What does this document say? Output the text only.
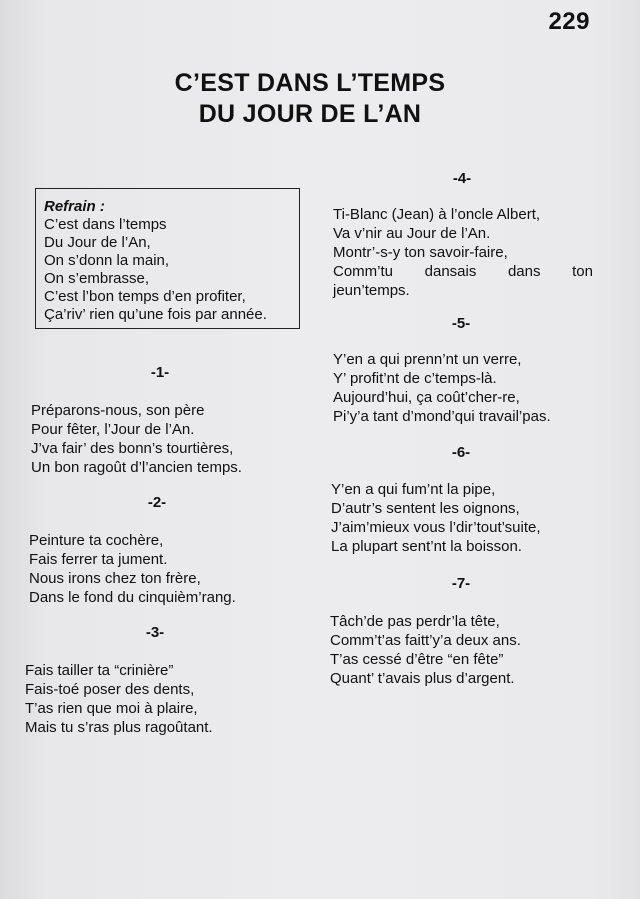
229
C’EST DANS L’TEMPS
DU JOUR DE L’AN
Refrain :
C’est dans l’temps
Du Jour de l’An,
On s’donn la main,
On s’embrasse,
C’est l’bon temps d’en profiter,
Ça’riv’ rien qu’une fois par année.
-1-
Préparons-nous, son père
Pour fêter, l’Jour de l’An.
J’va fair’ des bonn’s tourtières,
Un bon ragoût d’l’ancien temps.
-2-
Peinture ta cochère,
Fais ferrer ta jument.
Nous irons chez ton frère,
Dans le fond du cinquièm’rang.
-3-
Fais tailler ta “crinière”
Fais-toé poser des dents,
T’as rien que moi à plaire,
Mais tu s’ras plus ragoûtant.
-4-
Ti-Blanc (Jean) à l’oncle Albert,
Va v’nir au Jour de l’An.
Montr’-s-y ton savoir-faire,
Comm’tu dansais dans ton
jeun’temps.
-5-
Y’en a qui prenn’nt un verre,
Y’ profit’nt de c’temps-là.
Aujourd’hui, ça coût’cher-re,
Pi’y’a tant d’mond’qui travail’pas.
-6-
Y’en a qui fum’nt la pipe,
D’autr’s sentent les oignons,
J’aim’mieux vous l’dir’tout’suite,
La plupart sent’nt la boisson.
-7-
Tâch’de pas perdr’la tête,
Comm’t’as faitt’y’a deux ans.
T’as cessé d’être “en fête”
Quant’ t’avais plus d’argent.
